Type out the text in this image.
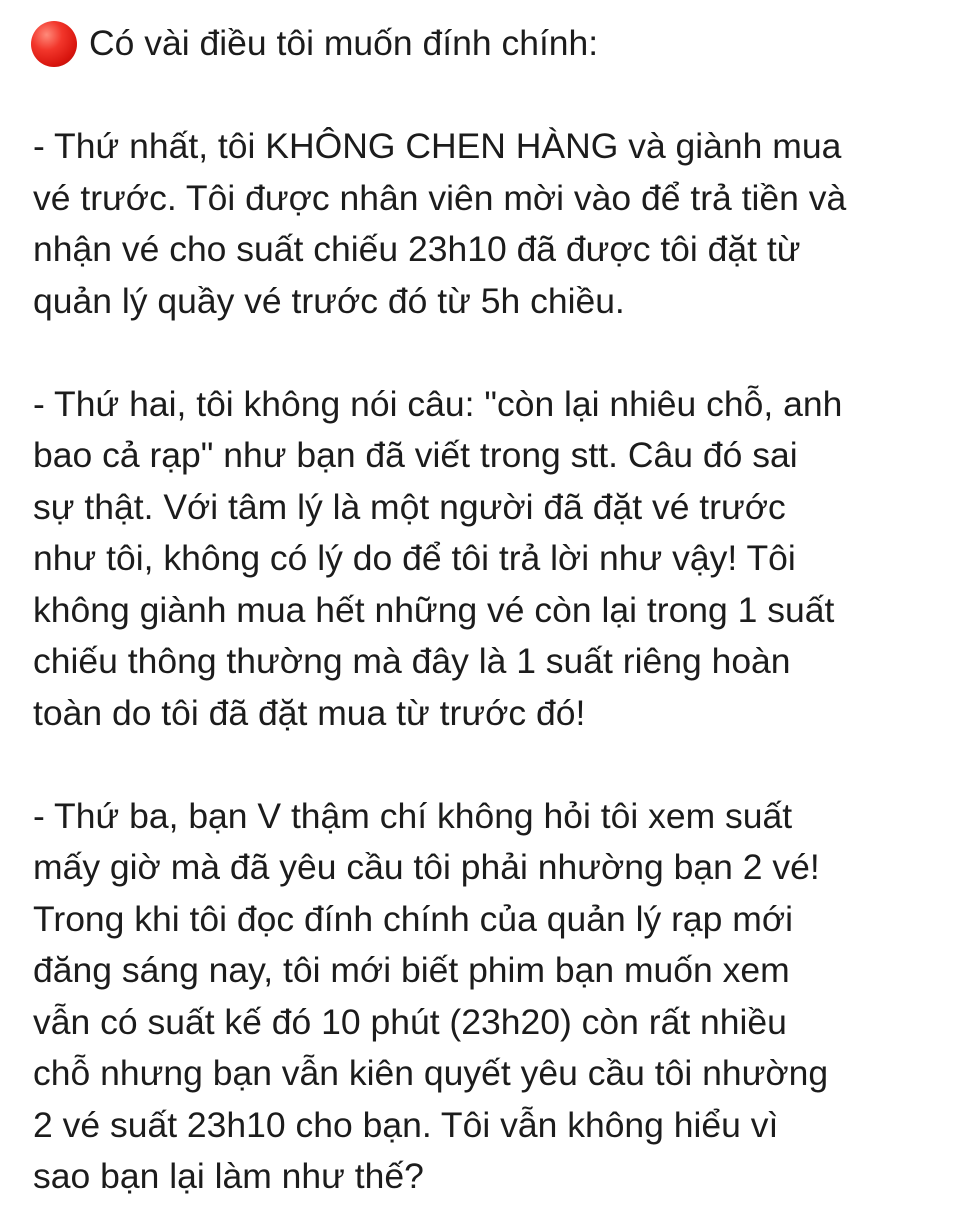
Có vài điều tôi muốn đính chính:
- Thứ nhất, tôi KHÔNG CHEN HÀNG và giành mua
vé trước. Tôi được nhân viên mời vào để trả tiền và
nhận vé cho suất chiếu 23h10 đã được tôi đặt từ
quản lý quầy vé trước đó từ 5h chiều.
- Thứ hai, tôi không nói câu: "còn lại nhiêu chỗ, anh
bao cả rạp" như bạn đã viết trong stt. Câu đó sai
sự thật. Với tâm lý là một người đã đặt vé trước
như tôi, không có lý do để tôi trả lời như vậy! Tôi
không giành mua hết những vé còn lại trong 1 suất
chiếu thông thường mà đây là 1 suất riêng hoàn
toàn do tôi đã đặt mua từ trước đó!
- Thứ ba, bạn V thậm chí không hỏi tôi xem suất
mấy giờ mà đã yêu cầu tôi phải nhường bạn 2 vé!
Trong khi tôi đọc đính chính của quản lý rạp mới
đăng sáng nay, tôi mới biết phim bạn muốn xem
vẫn có suất kế đó 10 phút (23h20) còn rất nhiều
chỗ nhưng bạn vẫn kiên quyết yêu cầu tôi nhường
2 vé suất 23h10 cho bạn. Tôi vẫn không hiểu vì
sao bạn lại làm như thế?
